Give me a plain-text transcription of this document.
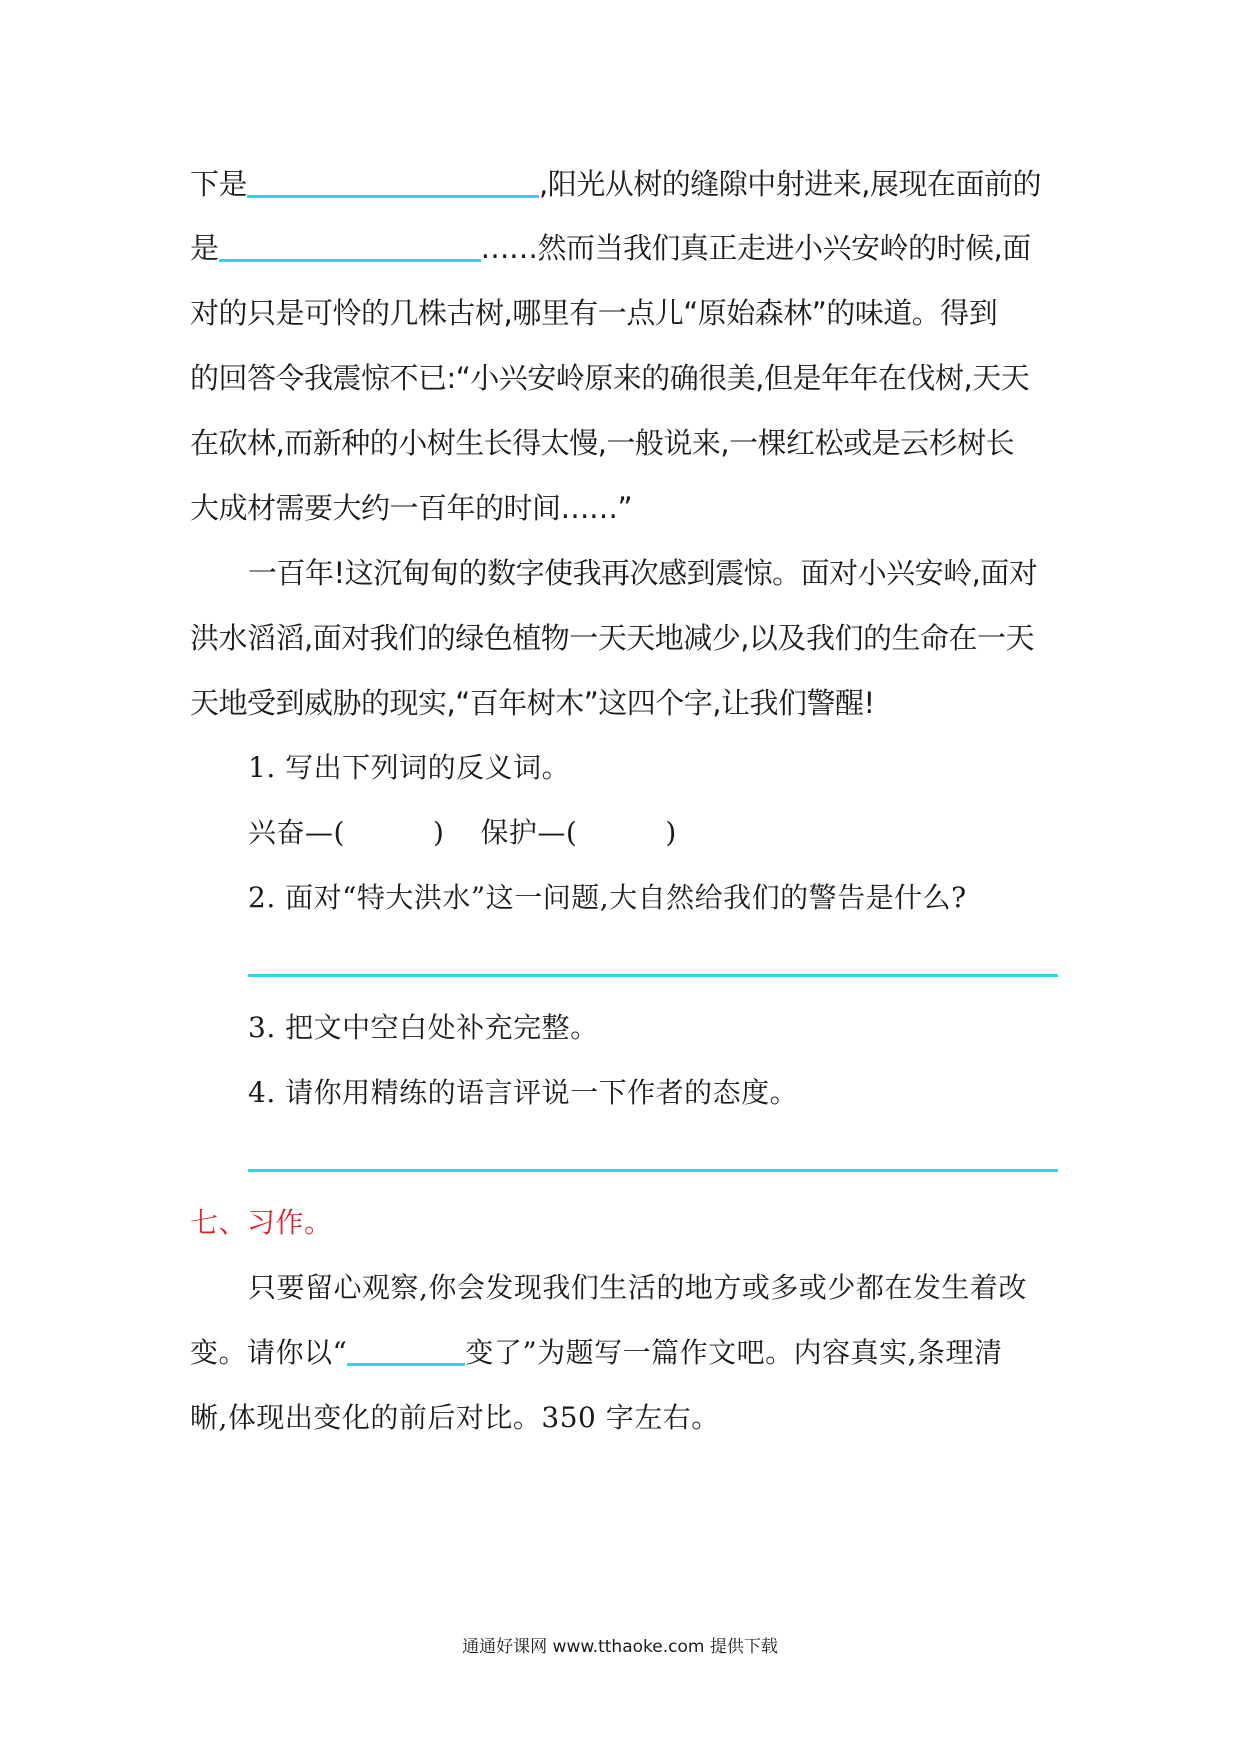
下是	,阳光从树的缝隙中射进来,展现在面前的
是	……然而当我们真正走进小兴安岭的时候,面
对的只是可怜的几株古树,哪里有一点儿“原始森林”的味道。得到
的回答令我震惊不已:“小兴安岭原来的确很美,但是年年在伐树,天天
在砍林,而新种的小树生长得太慢,一般说来,一棵红松或是云杉树长
大成材需要大约一百年的时间……”
一百年!这沉甸甸的数字使我再次感到震惊。面对小兴安岭,面对
洪水滔滔,面对我们的绿色植物一天天地减少,以及我们的生命在一天
天地受到威胁的现实,“百年树木”这四个字,让我们警醒!
1. 写出下列词的反义词。
兴奋—(	) 保护—(	)
2. 面对“特大洪水”这一问题,大自然给我们的警告是什么?
3. 把文中空白处补充完整。
4. 请你用精练的语言评说一下作者的态度。
七、习作。
只要留心观察,你会发现我们生活的地方或多或少都在发生着改
变。请你以“	变了”为题写一篇作文吧。内容真实,条理清
晰,体现出变化的前后对比。350 字左右。
通通好课网 www.tthaoke.com 提供下载
